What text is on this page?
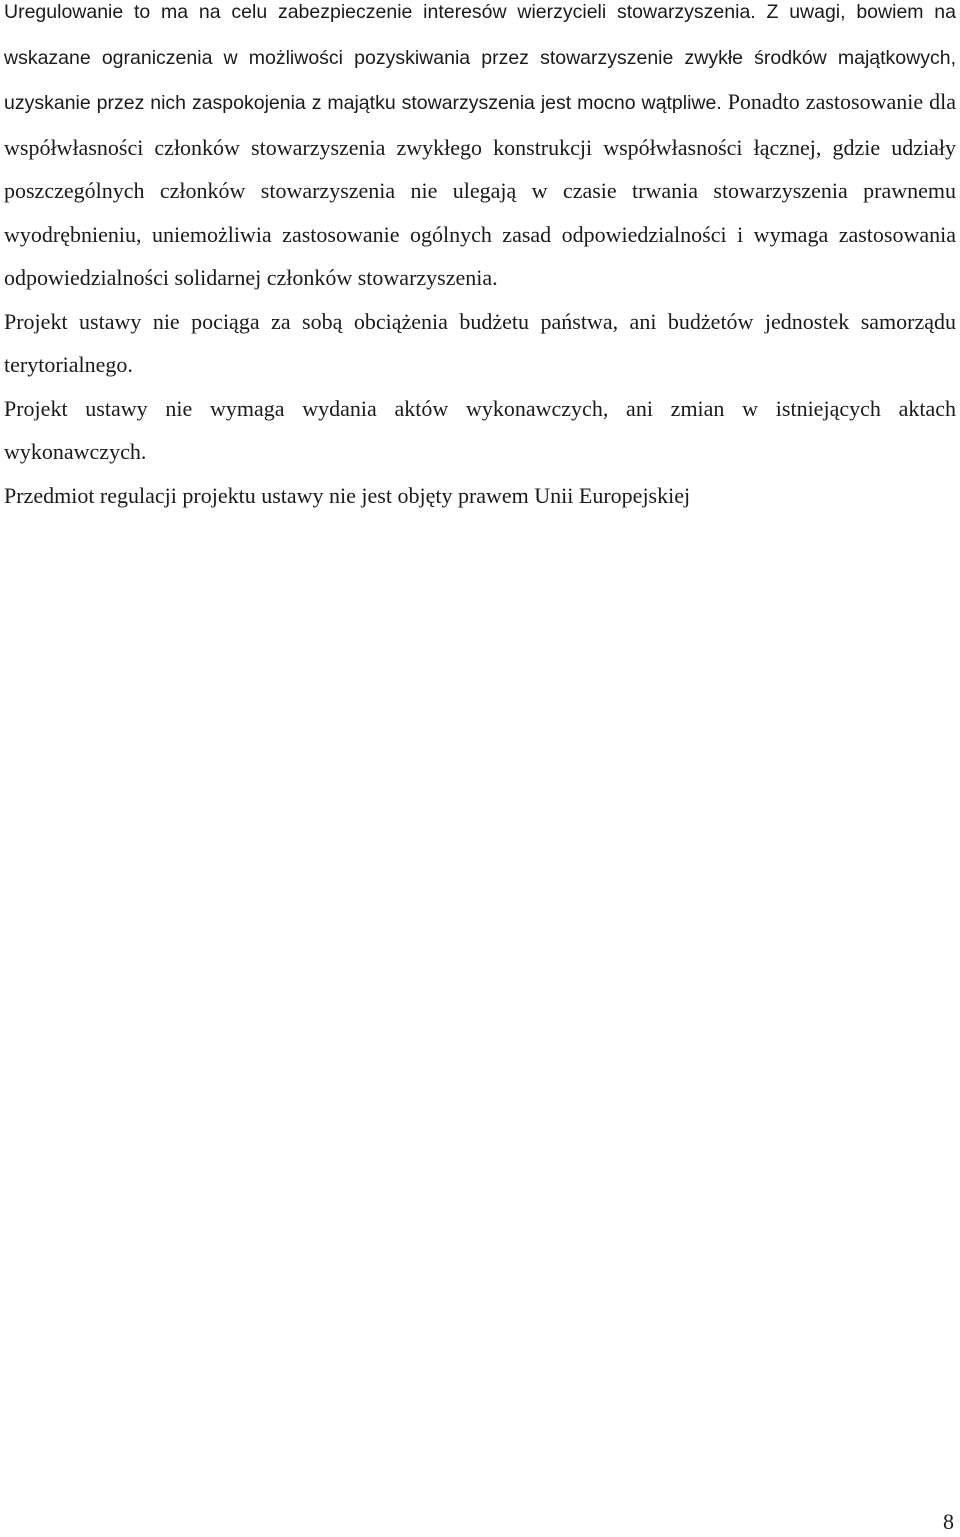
Uregulowanie to ma na celu zabezpieczenie interesów wierzycieli stowarzyszenia. Z uwagi, bowiem na wskazane ograniczenia w możliwości pozyskiwania przez stowarzyszenie zwykłe środków majątkowych, uzyskanie przez nich zaspokojenia z majątku stowarzyszenia jest mocno wątpliwe. Ponadto zastosowanie dla współwłasności członków stowarzyszenia zwykłego konstrukcji współwłasności łącznej, gdzie udziały poszczególnych członków stowarzyszenia nie ulegają w czasie trwania stowarzyszenia prawnemu wyodrębnieniu, uniemożliwia zastosowanie ogólnych zasad odpowiedzialności i wymaga zastosowania odpowiedzialności solidarnej członków stowarzyszenia.

Projekt ustawy nie pociąga za sobą obciążenia budżetu państwa, ani budżetów jednostek samorządu terytorialnego.

Projekt ustawy nie wymaga wydania aktów wykonawczych, ani zmian w istniejących aktach wykonawczych.

Przedmiot regulacji projektu ustawy nie jest objęty prawem Unii Europejskiej

8
